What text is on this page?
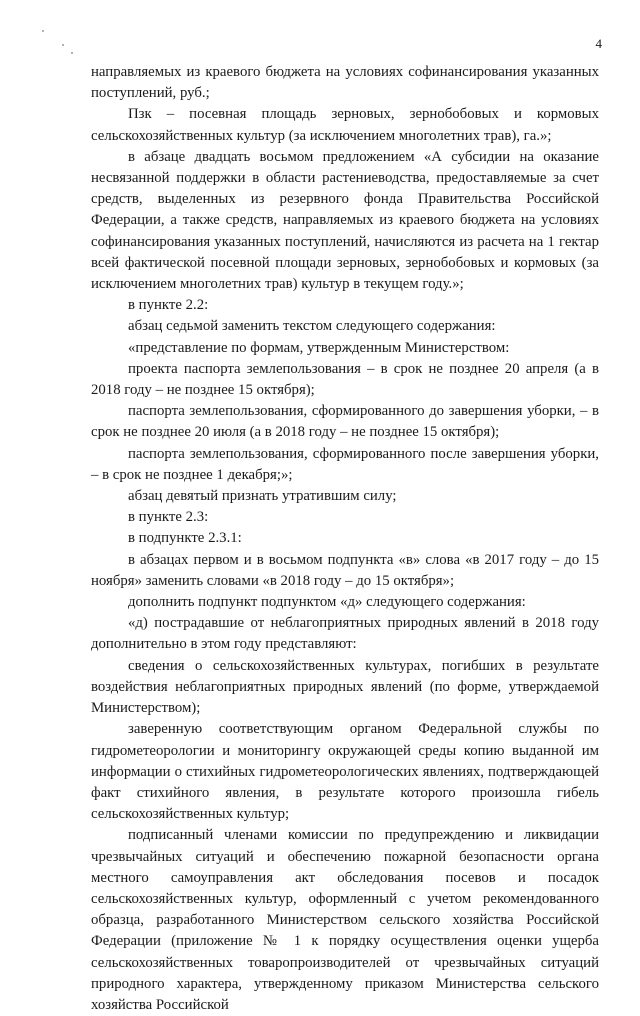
4

направляемых из краевого бюджета на условиях софинансирования указанных поступлений, руб.;

Пзк – посевная площадь зерновых, зернобобовых и кормовых сельскохозяйственных культур (за исключением многолетних трав), га.»;

в абзаце двадцать восьмом предложением «А субсидии на оказание несвязанной поддержки в области растениеводства, предоставляемые за счет средств, выделенных из резервного фонда Правительства Российской Федерации, а также средств, направляемых из краевого бюджета на условиях софинансирования указанных поступлений, начисляются из расчета на 1 гектар всей фактической посевной площади зерновых, зернобобовых и кормовых (за исключением многолетних трав) культур в текущем году.»;

в пункте 2.2:

абзац седьмой заменить текстом следующего содержания:

«представление по формам, утвержденным Министерством:

проекта паспорта землепользования – в срок не позднее 20 апреля (а в 2018 году – не позднее 15 октября);

паспорта землепользования, сформированного до завершения уборки, – в срок не позднее 20 июля (а в 2018 году – не позднее 15 октября);

паспорта землепользования, сформированного после завершения уборки, – в срок не позднее 1 декабря;»;

абзац девятый признать утратившим силу;

в пункте 2.3:

в подпункте 2.3.1:

в абзацах первом и в восьмом подпункта «в» слова «в 2017 году – до 15 ноября» заменить словами «в 2018 году – до 15 октября»;

дополнить подпункт подпунктом «д» следующего содержания:

«д) пострадавшие от неблагоприятных природных явлений в 2018 году дополнительно в этом году представляют:

сведения о сельскохозяйственных культурах, погибших в результате воздействия неблагоприятных природных явлений (по форме, утверждаемой Министерством);

заверенную соответствующим органом Федеральной службы по гидрометеорологии и мониторингу окружающей среды копию выданной им информации о стихийных гидрометеорологических явлениях, подтверждающей факт стихийного явления, в результате которого произошла гибель сельскохозяйственных культур;

подписанный членами комиссии по предупреждению и ликвидации чрезвычайных ситуаций и обеспечению пожарной безопасности органа местного самоуправления акт обследования посевов и посадок сельскохозяйственных культур, оформленный с учетом рекомендованного образца, разработанного Министерством сельского хозяйства Российской Федерации (приложение № 1 к порядку осуществления оценки ущерба сельскохозяйственных товаропроизводителей от чрезвычайных ситуаций природного характера, утвержденному приказом Министерства сельского хозяйства Российской
